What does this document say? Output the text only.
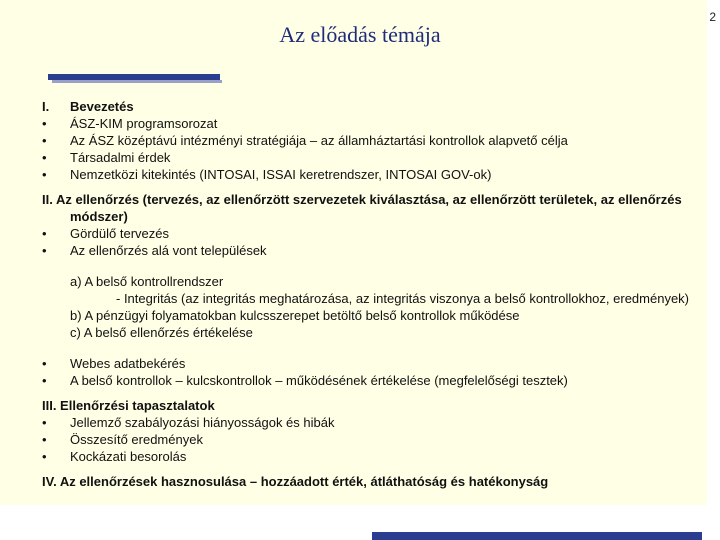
2
Az előadás témája
I.	Bevezetés
•	ÁSZ-KIM programsorozat
•	Az ÁSZ középtávú intézményi stratégiája – az államháztartási kontrollok alapvető célja
•	Társadalmi érdek
•	Nemzetközi kitekintés (INTOSAI, ISSAI keretrendszer, INTOSAI GOV-ok)
II. Az ellenőrzés (tervezés, az ellenőrzött szervezetek kiválasztása, az ellenőrzött területek, az ellenőrzés módszer)
•	Gördülő tervezés
•	Az ellenőrzés alá vont települések
a) A belső kontrollrendszer
- Integritás (az integritás meghatározása, az integritás viszonya a belső kontrollokhoz, eredmények)
b) A pénzügyi folyamatokban kulcsszerepet betöltő belső kontrollok működése
c) A belső ellenőrzés értékelése
•	Webes adatbekérés
•	A belső kontrollok – kulcskontrollok – működésének értékelése (megfelelőségi tesztek)
III. Ellenőrzési tapasztalatok
•	Jellemző szabályozási hiányosságok és hibák
•	Összesítő eredmények
•	Kockázati besorolás
IV. Az ellenőrzések hasznosulása – hozzáadott érték, átláthatóság és hatékonyság
